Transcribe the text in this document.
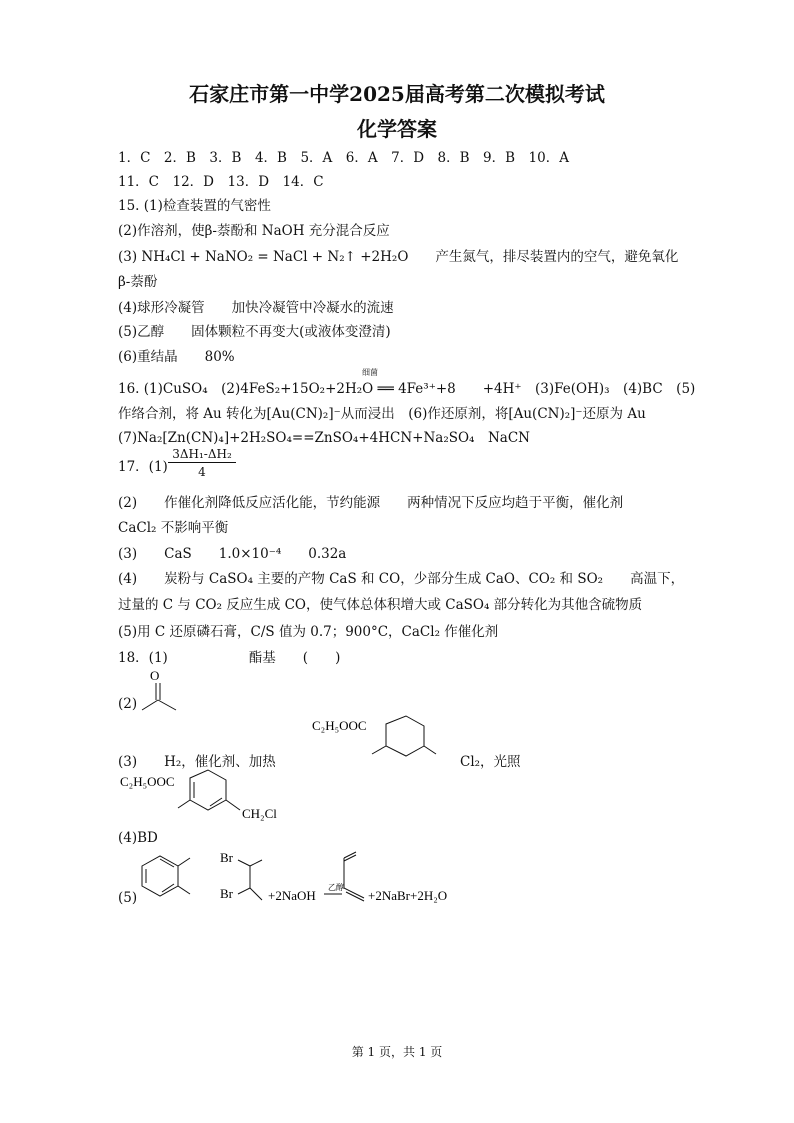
石家庄市第一中学2025届高考第二次模拟考试
化学答案
1．C　2．B　3．B　4．B　5．A　6．A　7．D　8．B　9．B　10．A
11．C　12．D　13．D　14．C
15. (1)检查装置的气密性
(2)作溶剂，使β-萘酚和 NaOH 充分混合反应
(3) NH₄Cl + NaNO₂ = NaCl + N₂↑ +2H₂O　　产生氮气，排尽装置内的空气，避免氧化
β-萘酚
(4)球形冷凝管　　加快冷凝管中冷凝水的流速
(5)乙醇　　固体颗粒不再变大(或液体变澄清)
(6)重结晶　　80%
细菌
16. (1)CuSO₄　(2)4FeS₂+15O₂+2H₂O ══ 4Fe³⁺+8　　+4H⁺　(3)Fe(OH)₃　(4)BC　(5)
作络合剂，将 Au 转化为[Au(CN)₂]⁻从而浸出　(6)作还原剂，将[Au(CN)₂]⁻还原为 Au
(7)Na₂[Zn(CN)₄]+2H₂SO₄==ZnSO₄+4HCN+Na₂SO₄　NaCN
17．(1)
3ΔH₁-ΔH₂
4
(2)　　作催化剂降低反应活化能，节约能源　　两种情况下反应均趋于平衡，催化剂
CaCl₂ 不影响平衡
(3)　　CaS　　1.0×10⁻⁴　　0.32a
(4)　　炭粉与 CaSO₄ 主要的产物 CaS 和 CO，少部分生成 CaO、CO₂ 和 SO₂　　高温下，
过量的 C 与 CO₂ 反应生成 CO，使气体总体积增大或 CaSO₄ 部分转化为其他含硫物质
(5)用 C 还原磷石膏，C/S 值为 0.7；900°C，CaCl₂ 作催化剂
18．(1)　　　　　　酯基　　(　　)
(2)
O
(3)　　H₂，催化剂、加热
C₂H₅OOC
Cl₂，光照
C₂H₅OOC
CH₂Cl
(4)BD
(5)
Br
Br	+2NaOH
乙醇
+2NaBr+2H₂O
第 1 页，共 1 页
